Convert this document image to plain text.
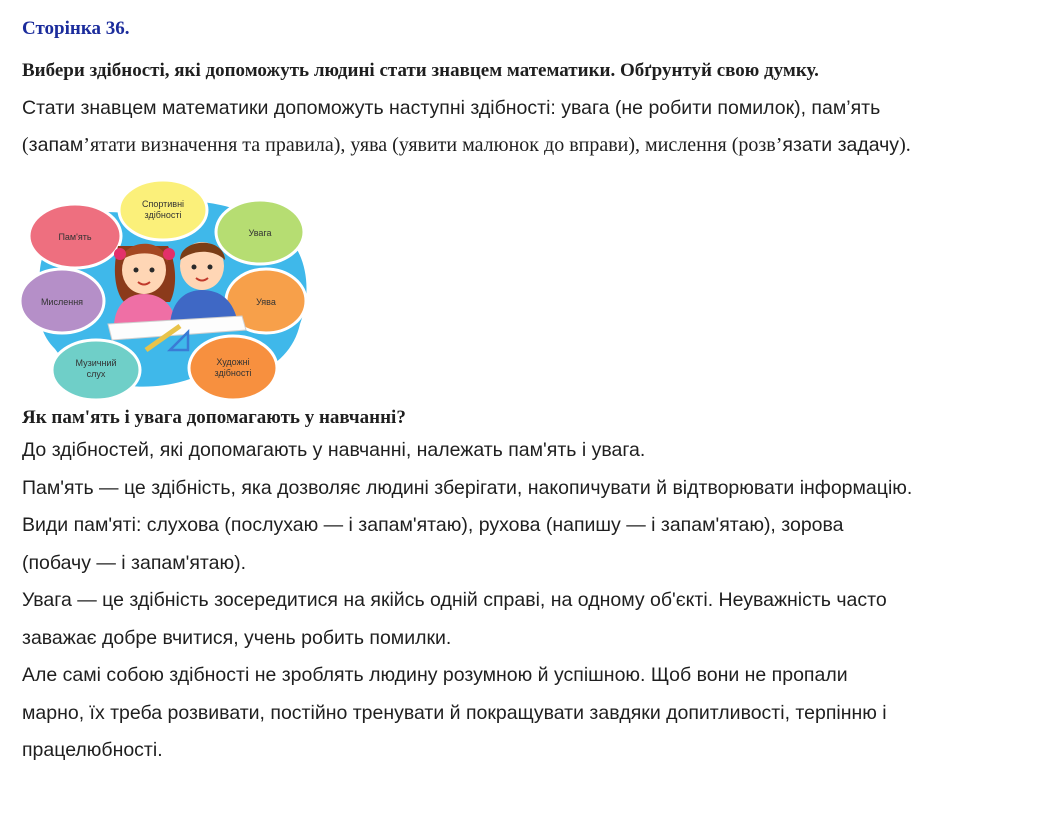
Сторінка 36.

Вибери здібності, які допоможуть людині стати знавцем математики. Обґрунтуй свою думку.

Стати знавцем математики допоможуть наступні здібності: увага (не робити помилок), пам’ять

(запам’ятати визначення та правила), уява (уявити малюнок до вправи), мислення (розв’язати задачу).

Спортивні
здібності
Пам'ять	Увага
Мислення	Уява
Музичний
слух
Художні
здібності

Як пам'ять і увага допомагають у навчанні?

До здібностей, які допомагають у навчанні, належать пам'ять і увага.

Пам'ять — це здібність, яка дозволяє людині зберігати, накопичувати й відтворювати інформацію.

Види пам'яті: слухова (послухаю — і запам'ятаю), рухова (напишу — і запам'ятаю), зорова

(побачу — і запам'ятаю).

Увага — це здібність зосередитися на якійсь одній справі, на одному об'єкті. Неуважність часто

заважає добре вчитися, учень робить помилки.

Але самі собою здібності не зроблять людину розумною й успішною. Щоб вони не пропали

марно, їх треба розвивати, постійно тренувати й покращувати завдяки допитливості, терпінню і

працелюбності.
